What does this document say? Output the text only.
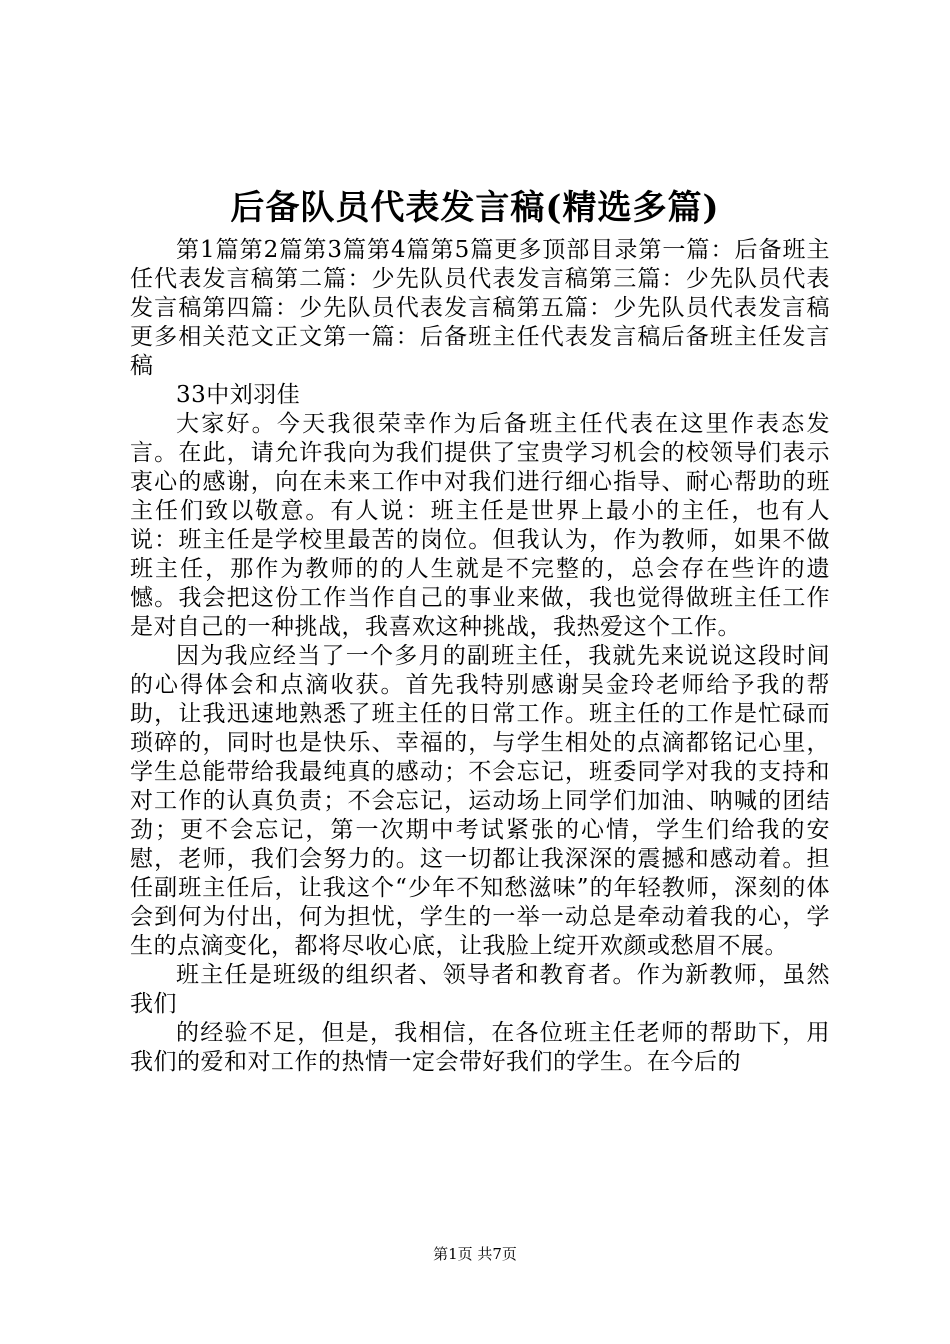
后备队员代表发言稿(精选多篇)

第1篇第2篇第3篇第4篇第5篇更多顶部目录第一篇：后备班主任代表发言稿第二篇：少先队员代表发言稿第三篇：少先队员代表发言稿第四篇：少先队员代表发言稿第五篇：少先队员代表发言稿更多相关范文正文第一篇：后备班主任代表发言稿后备班主任发言稿

33中刘羽佳

大家好。今天我很荣幸作为后备班主任代表在这里作表态发言。在此，请允许我向为我们提供了宝贵学习机会的校领导们表示衷心的感谢，向在未来工作中对我们进行细心指导、耐心帮助的班主任们致以敬意。有人说：班主任是世界上最小的主任，也有人说：班主任是学校里最苦的岗位。但我认为，作为教师，如果不做班主任，那作为教师的的人生就是不完整的，总会存在些许的遗憾。我会把这份工作当作自己的事业来做，我也觉得做班主任工作是对自己的一种挑战，我喜欢这种挑战，我热爱这个工作。

因为我应经当了一个多月的副班主任，我就先来说说这段时间的心得体会和点滴收获。首先我特别感谢吴金玲老师给予我的帮助，让我迅速地熟悉了班主任的日常工作。班主任的工作是忙碌而琐碎的，同时也是快乐、幸福的，与学生相处的点滴都铭记心里，学生总能带给我最纯真的感动；不会忘记，班委同学对我的支持和对工作的认真负责；不会忘记，运动场上同学们加油、呐喊的团结劲；更不会忘记，第一次期中考试紧张的心情，学生们给我的安慰，老师，我们会努力的。这一切都让我深深的震撼和感动着。担任副班主任后，让我这个“少年不知愁滋味”的年轻教师，深刻的体会到何为付出，何为担忧，学生的一举一动总是牵动着我的心，学生的点滴变化，都将尽收心底，让我脸上绽开欢颜或愁眉不展。

班主任是班级的组织者、领导者和教育者。作为新教师，虽然我们

的经验不足，但是，我相信，在各位班主任老师的帮助下，用我们的爱和对工作的热情一定会带好我们的学生。在今后的

第1页 共7页
